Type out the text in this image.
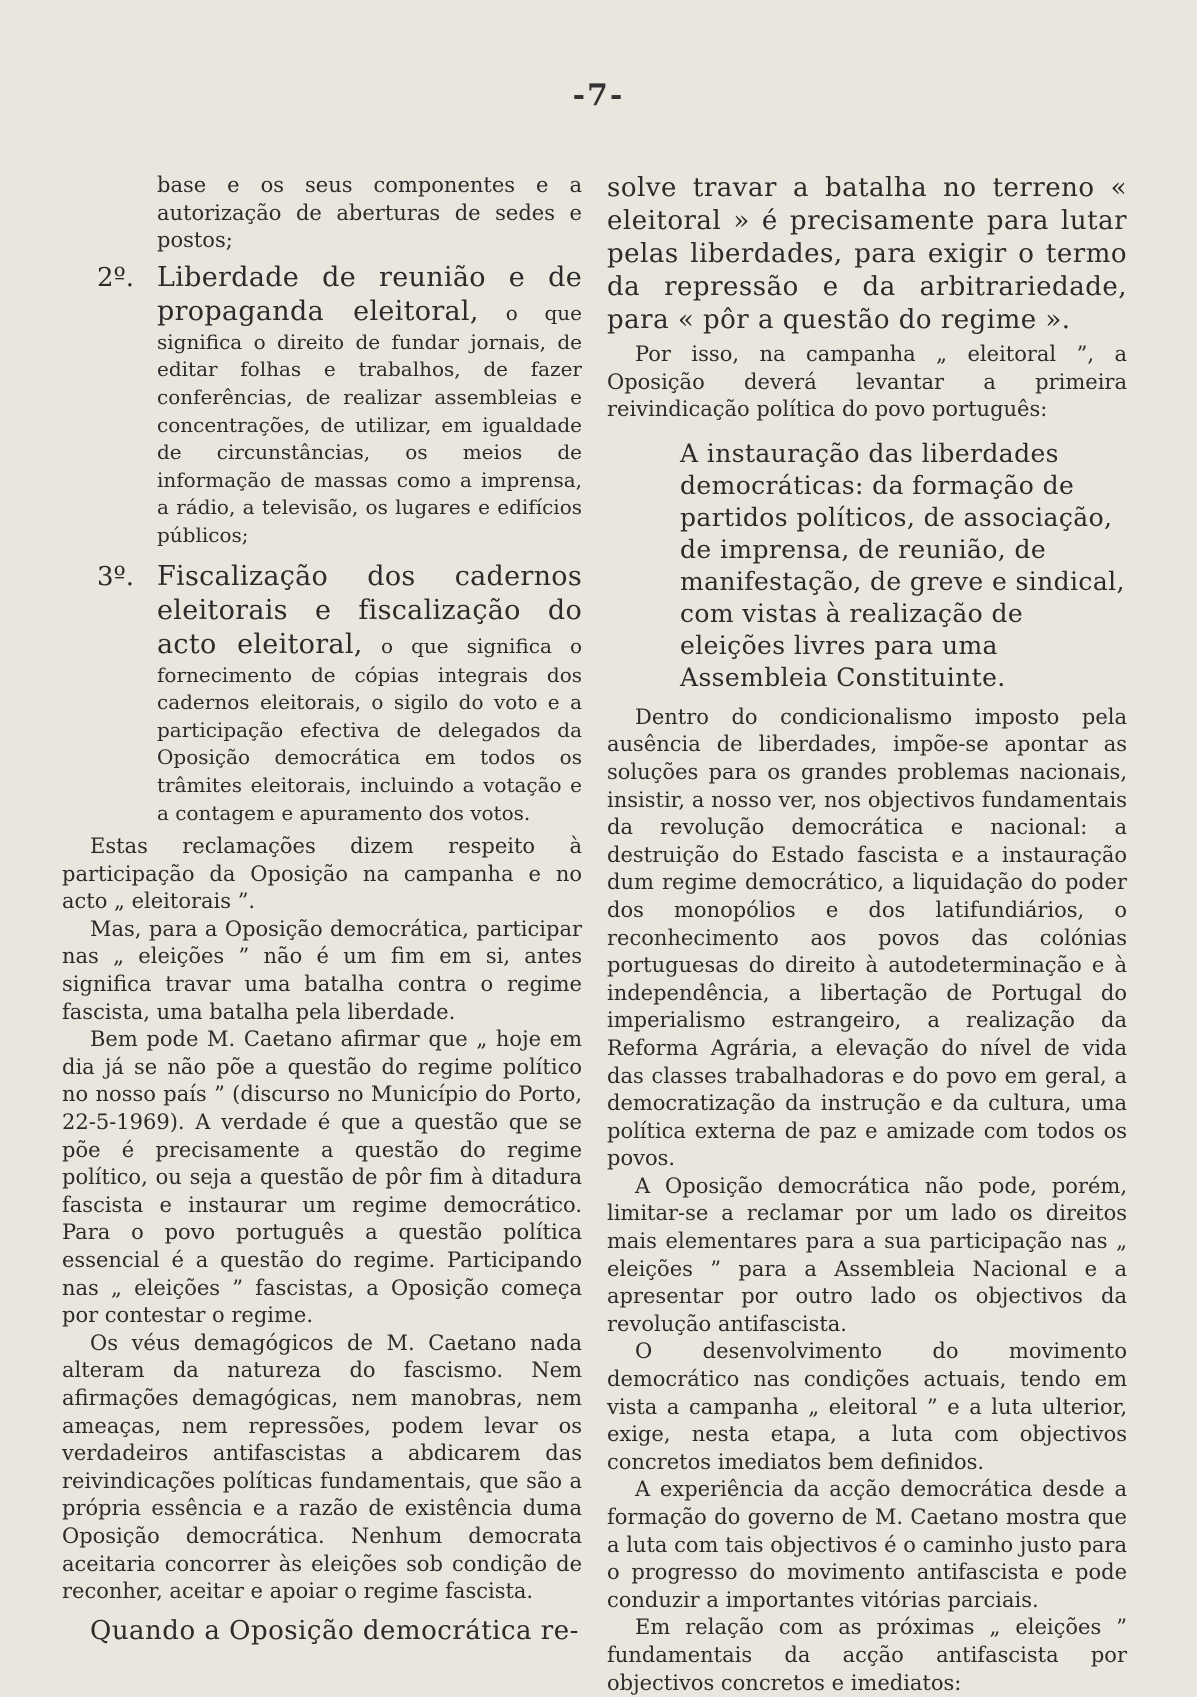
-7-

base e os seus componentes e a autorização de aberturas de sedes e postos;

2º. Liberdade de reunião e de propaganda eleitoral, o que significa o direito de fundar jornais, de editar folhas e trabalhos, de fazer conferências, de realizar assembleias e concentrações, de utilizar, em igualdade de circunstâncias, os meios de informação de massas como a imprensa, a rádio, a televisão, os lugares e edifícios públicos;
3º. Fiscalização dos cadernos eleitorais e fiscalização do acto eleitoral, o que significa o fornecimento de cópias integrais dos cadernos eleitorais, o sigilo do voto e a participação efectiva de delegados da Oposição democrática em todos os trâmites eleitorais, incluindo a votação e a contagem e apuramento dos votos.

Estas reclamações dizem respeito à participação da Oposição na campanha e no acto „ eleitorais ”.

Mas, para a Oposição democrática, participar nas „ eleições ” não é um fim em si, antes significa travar uma batalha contra o regime fascista, uma batalha pela liberdade.

Bem pode M. Caetano afirmar que „ hoje em dia já se não põe a questão do regime político no nosso país ” (discurso no Município do Porto, 22-5-1969). A verdade é que a questão que se põe é precisamente a questão do regime político, ou seja a questão de pôr fim à ditadura fascista e instaurar um regime democrático. Para o povo português a questão política essencial é a questão do regime. Participando nas „ eleições ” fascistas, a Oposição começa por contestar o regime.

Os véus demagógicos de M. Caetano nada alteram da natureza do fascismo. Nem afirmações demagógicas, nem manobras, nem ameaças, nem repressões, podem levar os verdadeiros antifascistas a abdicarem das reivindicações políticas fundamentais, que são a própria essência e a razão de existência duma Oposição democrática. Nenhum democrata aceitaria concorrer às eleições sob condição de reconher, aceitar e apoiar o regime fascista.

Quando a Oposição democrática re-

solve travar a batalha no terreno « eleitoral » é precisamente para lutar pelas liberdades, para exigir o termo da repressão e da arbitrariedade, para « pôr a questão do regime ».

Por isso, na campanha „ eleitoral ”, a Oposição deverá levantar a primeira reivindicação política do povo português:

A instauração das liberdades democráticas: da formação de partidos políticos, de associação, de imprensa, de reunião, de manifestação, de greve e sindical, com vistas à realização de eleições livres para uma Assembleia Constituinte.

Dentro do condicionalismo imposto pela ausência de liberdades, impõe-se apontar as soluções para os grandes problemas nacionais, insistir, a nosso ver, nos objectivos fundamentais da revolução democrática e nacional: a destruição do Estado fascista e a instauração dum regime democrático, a liquidação do poder dos monopólios e dos latifundiários, o reconhecimento aos povos das colónias portuguesas do direito à autodeterminação e à independência, a libertação de Portugal do imperialismo estrangeiro, a realização da Reforma Agrária, a elevação do nível de vida das classes trabalhadoras e do povo em geral, a democratização da instrução e da cultura, uma política externa de paz e amizade com todos os povos.

A Oposição democrática não pode, porém, limitar-se a reclamar por um lado os direitos mais elementares para a sua participação nas „ eleições ” para a Assembleia Nacional e a apresentar por outro lado os objectivos da revolução antifascista.

O desenvolvimento do movimento democrático nas condições actuais, tendo em vista a campanha „ eleitoral ” e a luta ulterior, exige, nesta etapa, a luta com objectivos concretos imediatos bem definidos.

A experiência da acção democrática desde a formação do governo de M. Caetano mostra que a luta com tais objectivos é o caminho justo para o progresso do movimento antifascista e pode conduzir a importantes vitórias parciais.

Em relação com as próximas „ eleições ” fundamentais da acção antifascista por objectivos concretos e imediatos:
